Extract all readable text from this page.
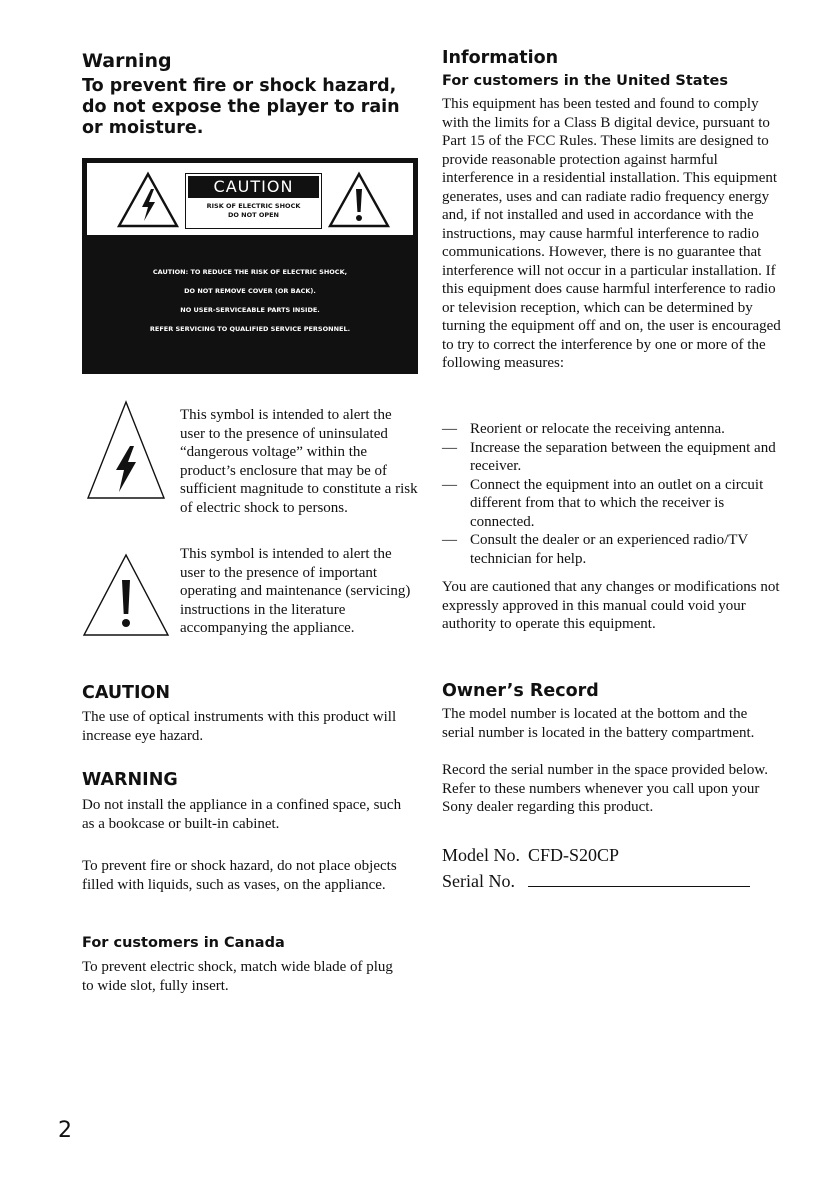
Warning
To prevent fire or shock hazard, do not expose the player to rain or moisture.
CAUTION
RISK OF ELECTRIC SHOCK
DO NOT OPEN
CAUTION: TO REDUCE THE RISK OF ELECTRIC SHOCK,
DO NOT REMOVE COVER (OR BACK).
NO USER-SERVICEABLE PARTS INSIDE.
REFER SERVICING TO QUALIFIED SERVICE PERSONNEL.
This symbol is intended to alert the user to the presence of uninsulated “dangerous voltage” within the product’s enclosure that may be of sufficient magnitude to constitute a risk of electric shock to persons.
This symbol is intended to alert the user to the presence of important operating and maintenance (servicing) instructions in the literature accompanying the appliance.
CAUTION
The use of optical instruments with this product will increase eye hazard.
WARNING
Do not install the appliance in a confined space, such as a bookcase or built-in cabinet.
To prevent fire or shock hazard, do not place objects filled with liquids, such as vases, on the appliance.
For customers in Canada
To prevent electric shock, match wide blade of plug to wide slot, fully insert.
2
Information
For customers in the United States
This equipment has been tested and found to comply with the limits for a Class B digital device, pursuant to Part 15 of the FCC Rules. These limits are designed to provide reasonable protection against harmful interference in a residential installation. This equipment generates, uses and can radiate radio frequency energy and, if not installed and used in accordance with the instructions, may cause harmful interference to radio communications. However, there is no guarantee that interference will not occur in a particular installation. If this equipment does cause harmful interference to radio or television reception, which can be determined by turning the equipment off and on, the user is encouraged to try to correct the interference by one or more of the following measures:
— Reorient or relocate the receiving antenna.
— Increase the separation between the equipment and receiver.
— Connect the equipment into an outlet on a circuit different from that to which the receiver is connected.
— Consult the dealer or an experienced radio/TV technician for help.
You are cautioned that any changes or modifications not expressly approved in this manual could void your authority to operate this equipment.
Owner’s Record
The model number is located at the bottom and the serial number is located in the battery compartment.
Record the serial number in the space provided below. Refer to these numbers whenever you call upon your Sony dealer regarding this product.
Model No. CFD-S20CP
Serial No.
